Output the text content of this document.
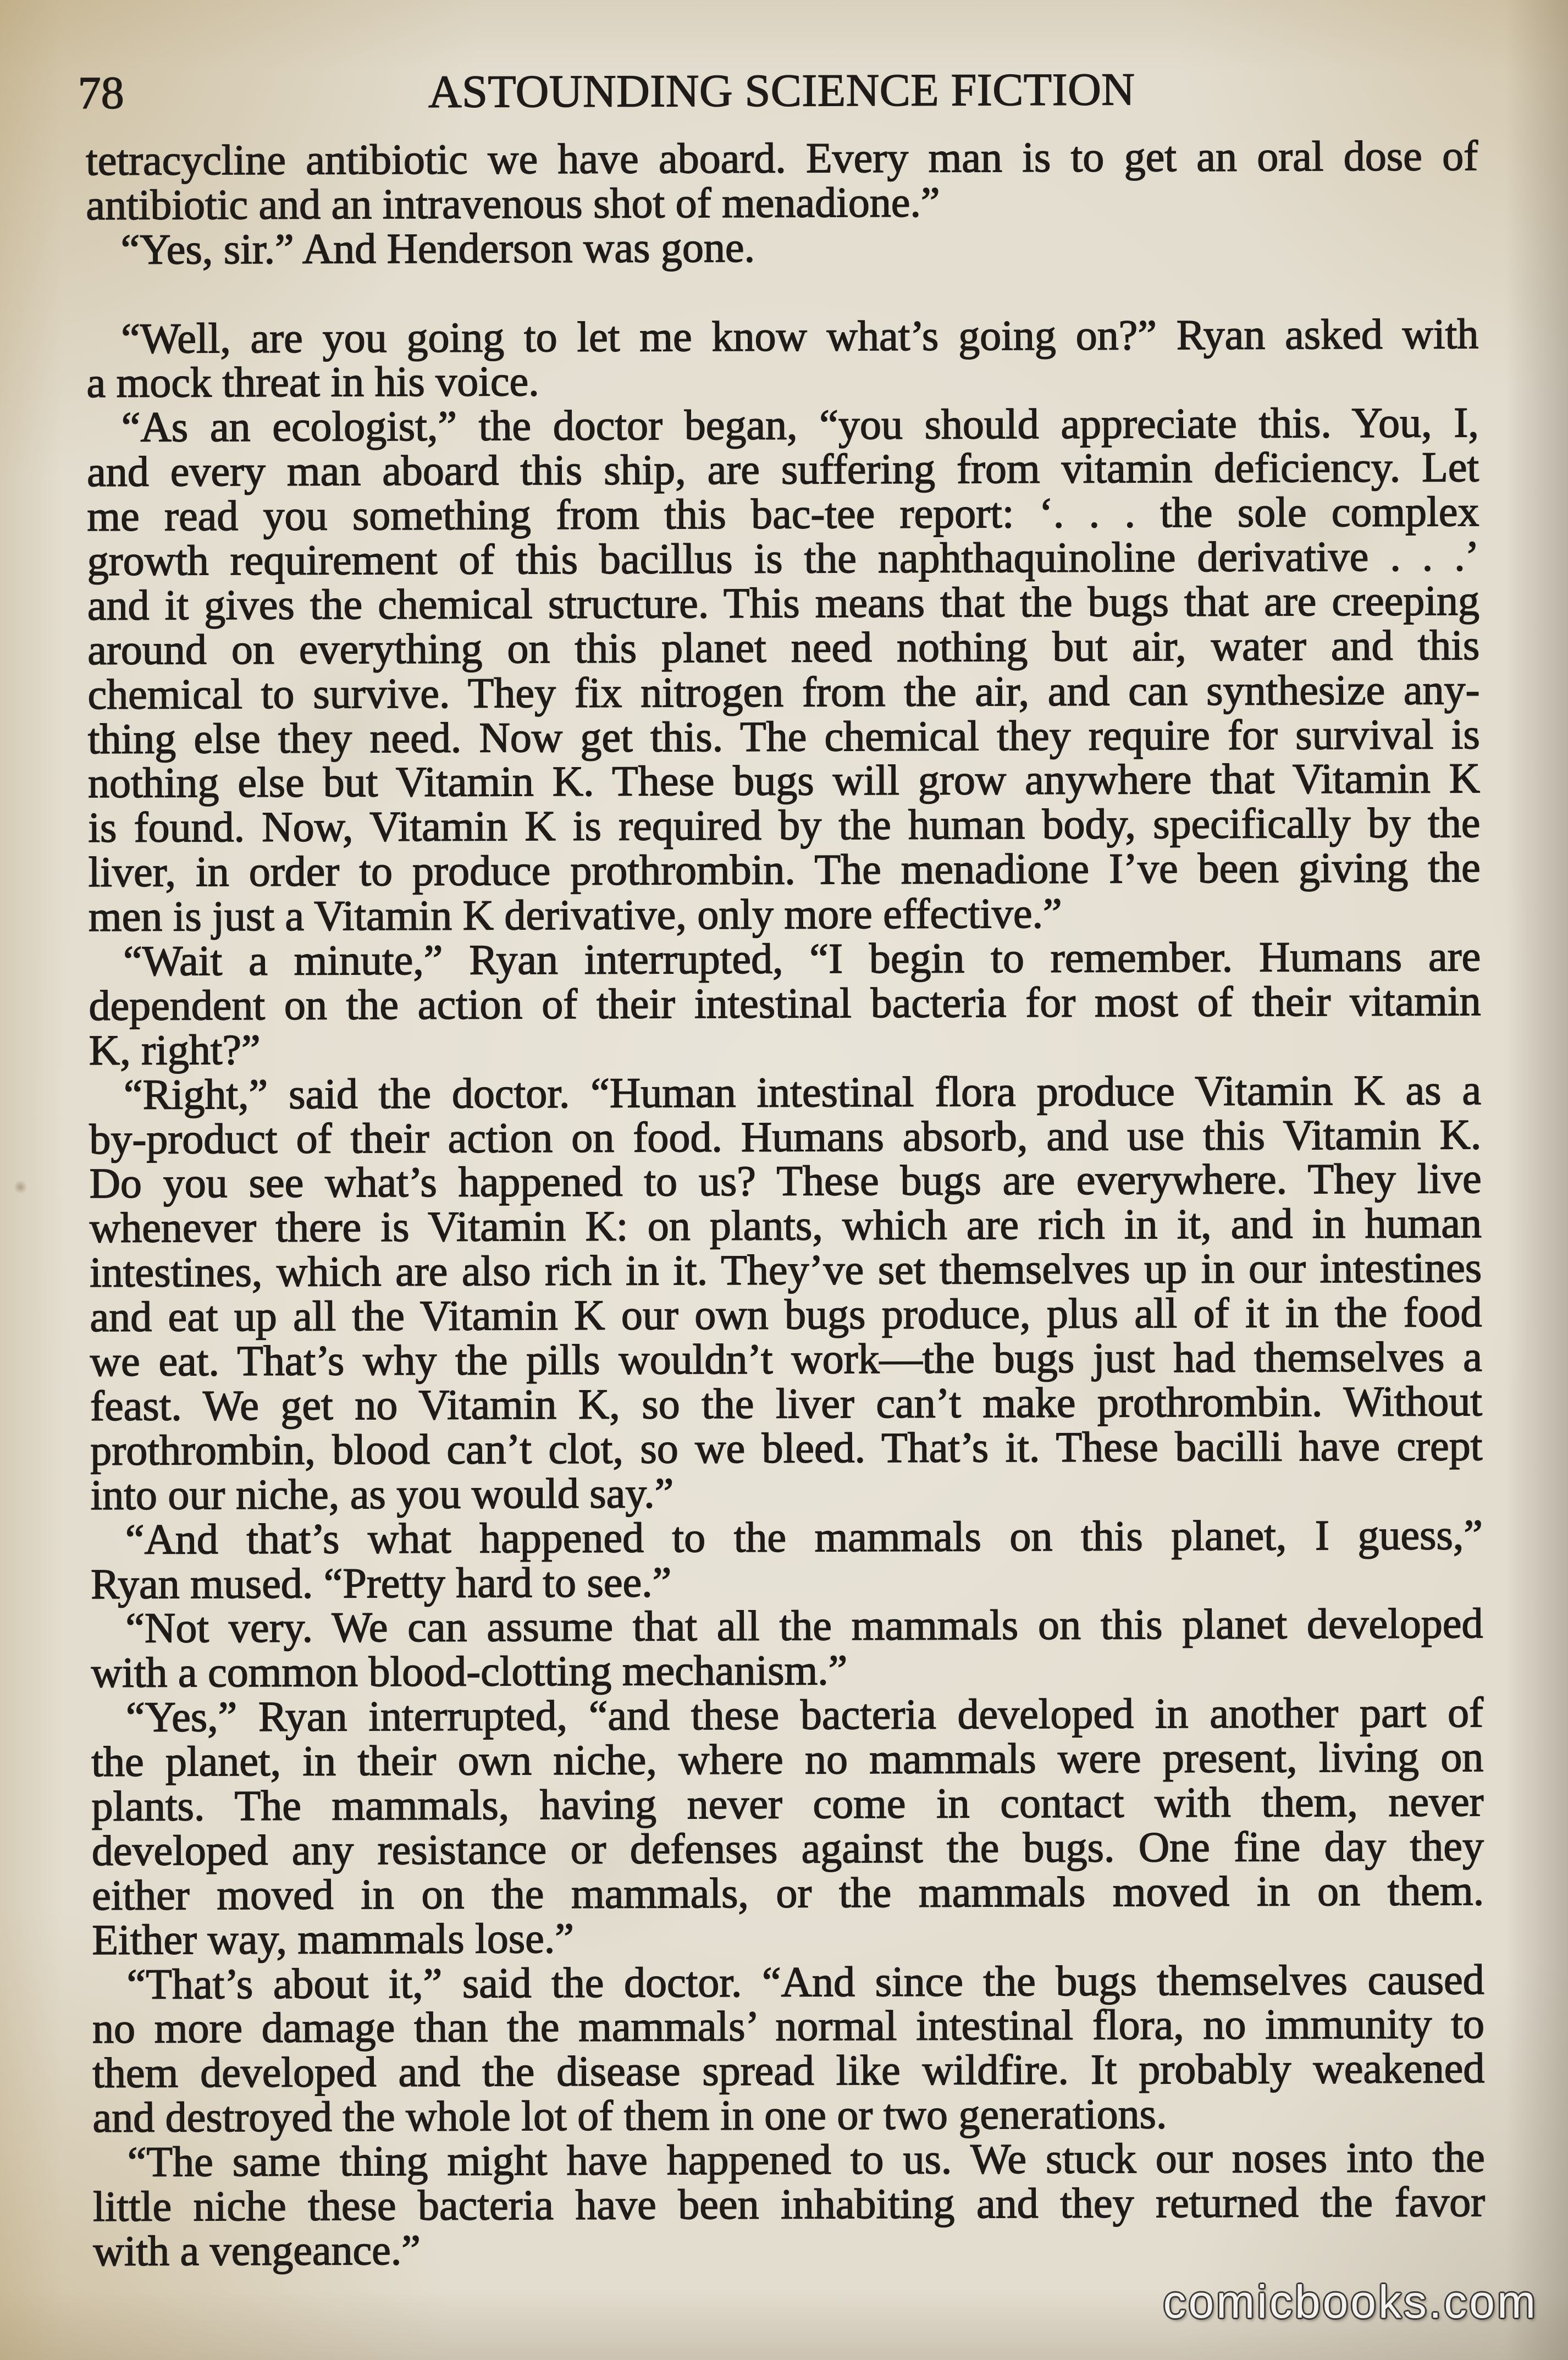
78	ASTOUNDING SCIENCE FICTION
tetracycline antibiotic we have aboard. Every man is to get an oral dose of
antibiotic and an intravenous shot of menadione.”
“Yes, sir.” And Henderson was gone.
“Well, are you going to let me know what’s going on?” Ryan asked with
a mock threat in his voice.
“As an ecologist,” the doctor began, “you should appreciate this. You, I,
and every man aboard this ship, are suffering from vitamin deficiency. Let
me read you something from this bac-tee report: ‘. . . the sole complex
growth requirement of this bacillus is the naphthaquinoline derivative . . .’
and it gives the chemical structure. This means that the bugs that are creeping
around on everything on this planet need nothing but air, water and this
chemical to survive. They fix nitrogen from the air, and can synthesize any-
thing else they need. Now get this. The chemical they require for survival is
nothing else but Vitamin K. These bugs will grow anywhere that Vitamin K
is found. Now, Vitamin K is required by the human body, specifically by the
liver, in order to produce prothrombin. The menadione I’ve been giving the
men is just a Vitamin K derivative, only more effective.”
“Wait a minute,” Ryan interrupted, “I begin to remember. Humans are
dependent on the action of their intestinal bacteria for most of their vitamin
K, right?”
“Right,” said the doctor. “Human intestinal flora produce Vitamin K as a
by-product of their action on food. Humans absorb, and use this Vitamin K.
Do you see what’s happened to us? These bugs are everywhere. They live
whenever there is Vitamin K: on plants, which are rich in it, and in human
intestines, which are also rich in it. They’ve set themselves up in our intestines
and eat up all the Vitamin K our own bugs produce, plus all of it in the food
we eat. That’s why the pills wouldn’t work—the bugs just had themselves a
feast. We get no Vitamin K, so the liver can’t make prothrombin. Without
prothrombin, blood can’t clot, so we bleed. That’s it. These bacilli have crept
into our niche, as you would say.”
“And that’s what happened to the mammals on this planet, I guess,”
Ryan mused. “Pretty hard to see.”
“Not very. We can assume that all the mammals on this planet developed
with a common blood-clotting mechanism.”
“Yes,” Ryan interrupted, “and these bacteria developed in another part of
the planet, in their own niche, where no mammals were present, living on
plants. The mammals, having never come in contact with them, never
developed any resistance or defenses against the bugs. One fine day they
either moved in on the mammals, or the mammals moved in on them.
Either way, mammals lose.”
“That’s about it,” said the doctor. “And since the bugs themselves caused
no more damage than the mammals’ normal intestinal flora, no immunity to
them developed and the disease spread like wildfire. It probably weakened
and destroyed the whole lot of them in one or two generations.
“The same thing might have happened to us. We stuck our noses into the
little niche these bacteria have been inhabiting and they returned the favor
with a vengeance.”
comicbooks.com
